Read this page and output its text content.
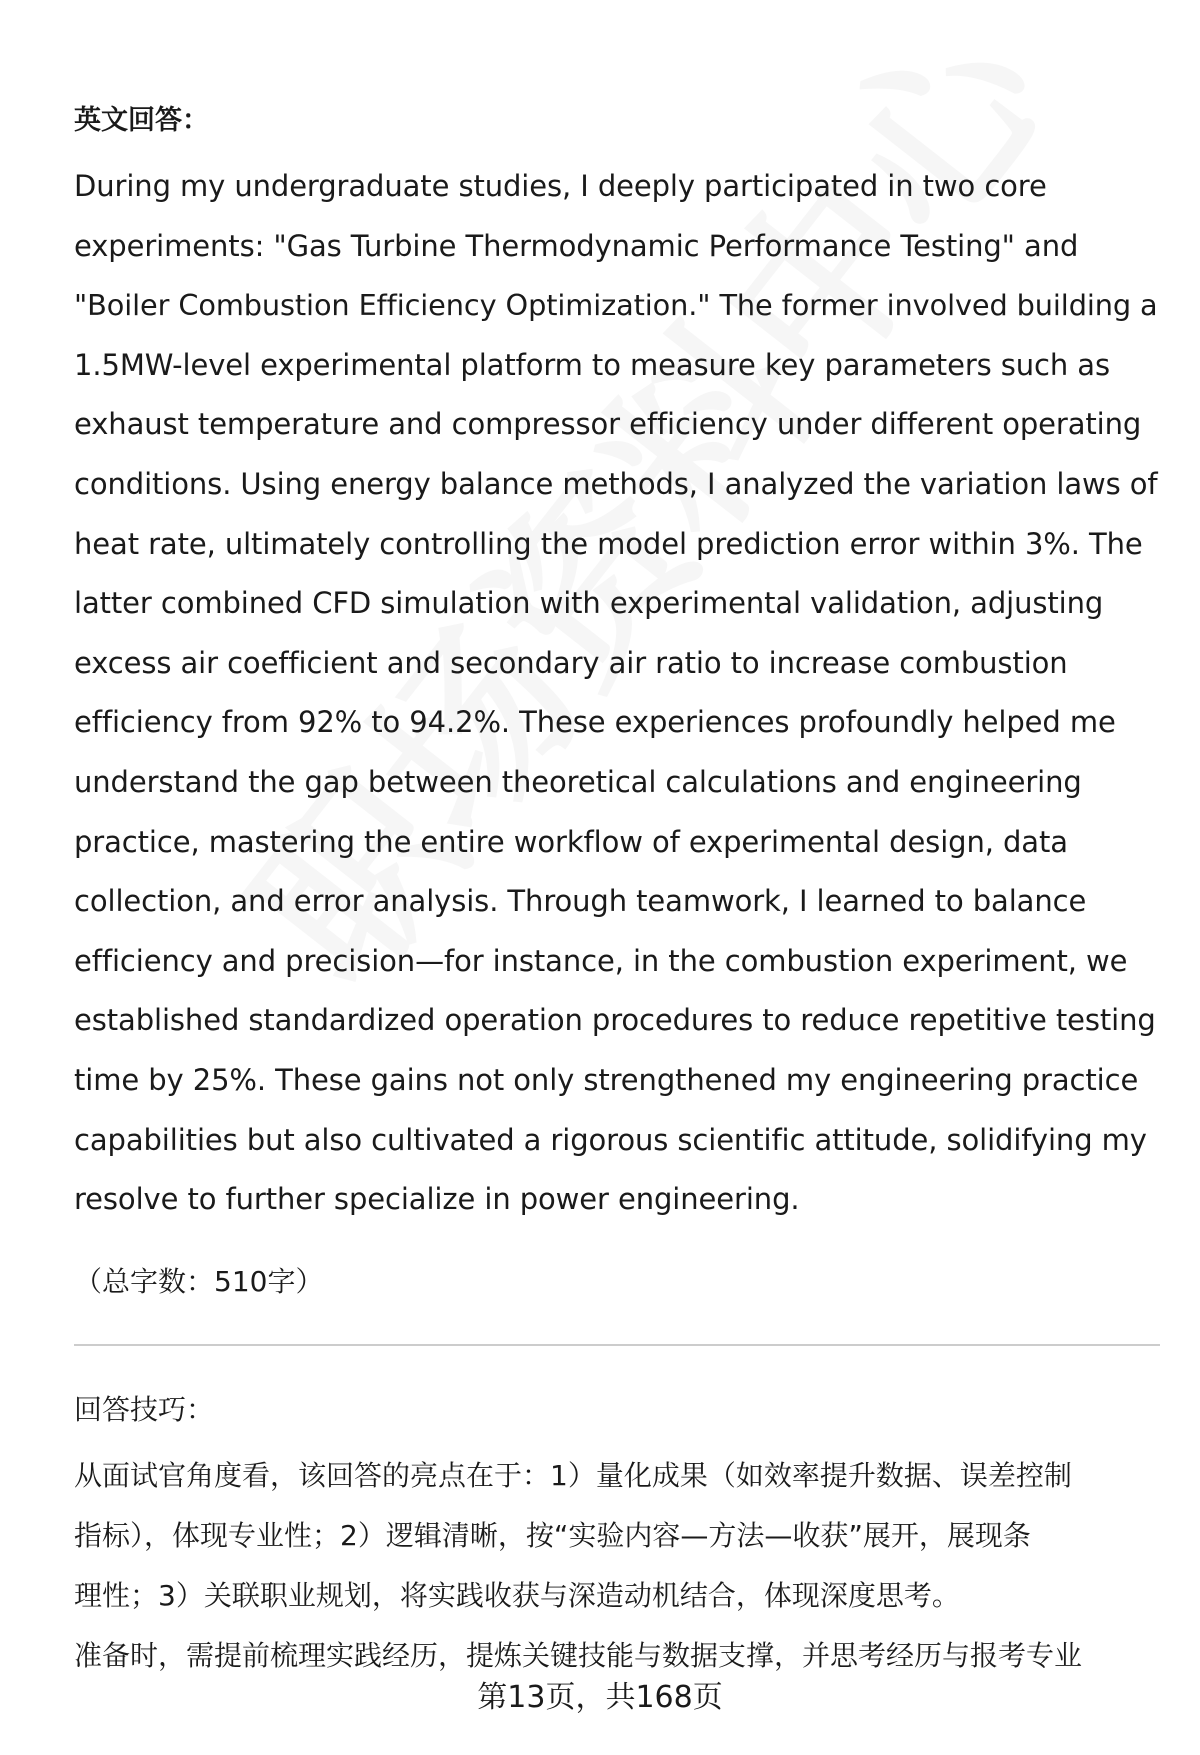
英文回答：

During my undergraduate studies, I deeply participated in two core
experiments: "Gas Turbine Thermodynamic Performance Testing" and
"Boiler Combustion Efficiency Optimization." The former involved building a
1.5MW-level experimental platform to measure key parameters such as
exhaust temperature and compressor efficiency under different operating
conditions. Using energy balance methods, I analyzed the variation laws of
heat rate, ultimately controlling the model prediction error within 3%. The
latter combined CFD simulation with experimental validation, adjusting
excess air coefficient and secondary air ratio to increase combustion
efficiency from 92% to 94.2%. These experiences profoundly helped me
understand the gap between theoretical calculations and engineering
practice, mastering the entire workflow of experimental design, data
collection, and error analysis. Through teamwork, I learned to balance
efficiency and precision—for instance, in the combustion experiment, we
established standardized operation procedures to reduce repetitive testing
time by 25%. These gains not only strengthened my engineering practice
capabilities but also cultivated a rigorous scientific attitude, solidifying my
resolve to further specialize in power engineering.

（总字数：510字）

回答技巧：

从面试官角度看，该回答的亮点在于：1）量化成果（如效率提升数据、误差控制
指标），体现专业性；2）逻辑清晰，按“实验内容—方法—收获”展开，展现条
理性；3）关联职业规划，将实践收获与深造动机结合，体现深度思考。
准备时，需提前梳理实践经历，提炼关键技能与数据支撑，并思考经历与报考专业

第13页，共168页
